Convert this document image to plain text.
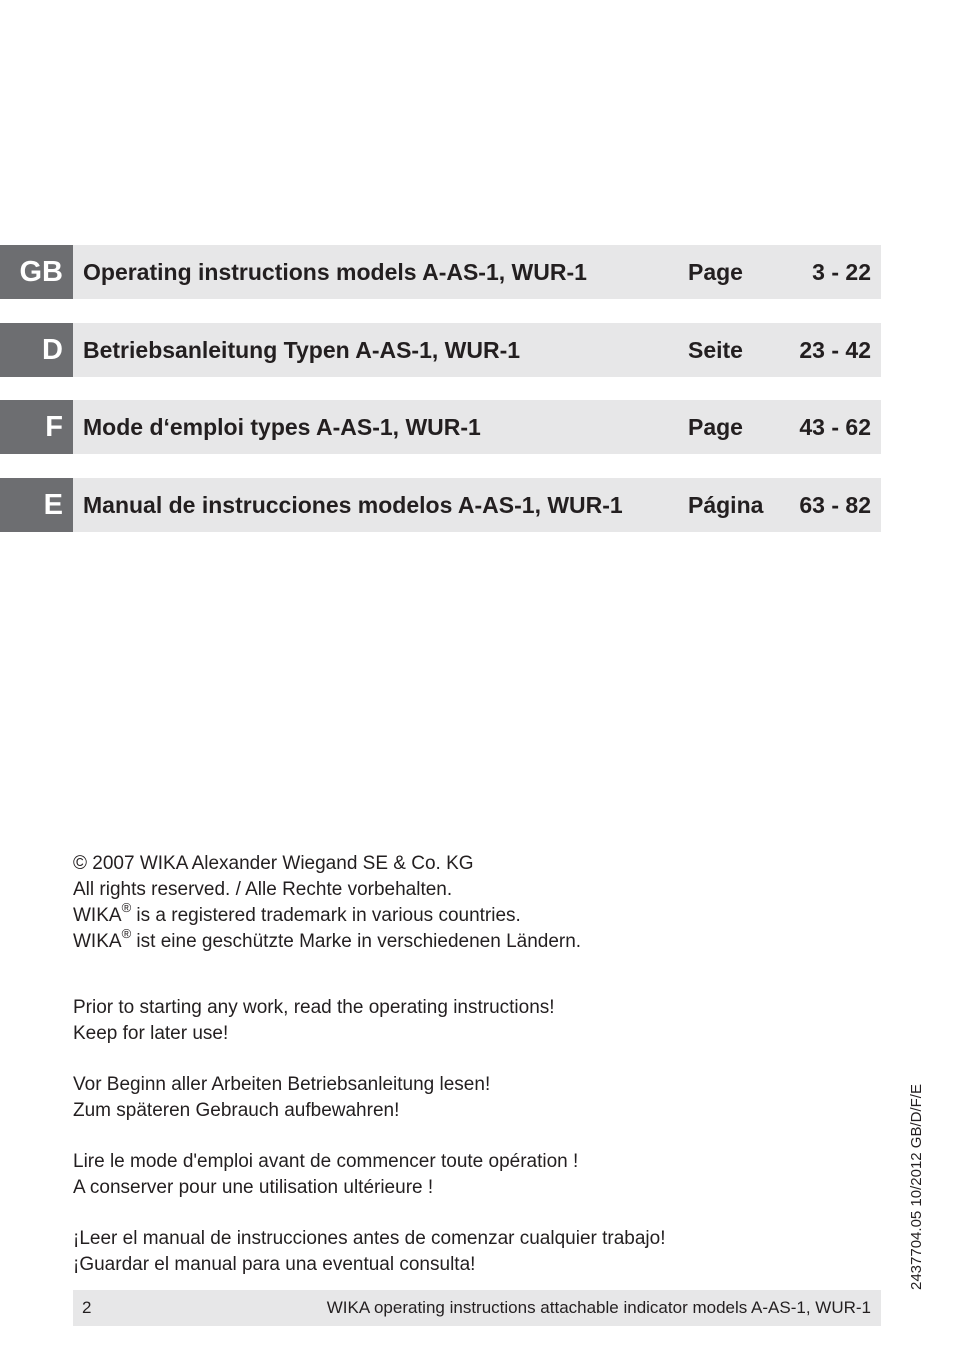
GB Operating instructions models A-AS-1, WUR-1	Page	3 - 22
D Betriebsanleitung Typen A-AS-1, WUR-1	Seite 23 - 42
F Mode d‘emploi types A-AS-1, WUR-1	Page 43 - 62
E Manual de instrucciones modelos A-AS-1, WUR-1	Página 63 - 82
© 2007 WIKA Alexander Wiegand SE & Co. KG
All rights reserved. / Alle Rechte vorbehalten.
WIKA® is a registered trademark in various countries.
WIKA® ist eine geschützte Marke in verschiedenen Ländern.
Prior to starting any work, read the operating instructions!
Keep for later use!
Vor Beginn aller Arbeiten Betriebsanleitung lesen!
Zum späteren Gebrauch aufbewahren!
Lire le mode d'emploi avant de commencer toute opération !
A conserver pour une utilisation ultérieure !
¡Leer el manual de instrucciones antes de comenzar cualquier trabajo!
¡Guardar el manual para una eventual consulta!	2437704.05 10/2012 GB/D/F/E
2	WIKA operating instructions attachable indicator models A-AS-1, WUR-1
